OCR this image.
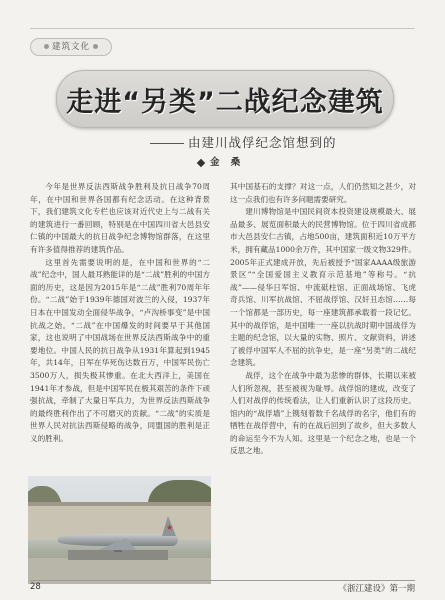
建筑文化
走进“另类”二战纪念建筑
由建川战俘纪念馆想到的
金 桑

今年是世界反法西斯战争胜利及抗日战争70周年，在中国和世界各国都有纪念活动。在这种背景下，我们建筑文化专栏也应该对近代史上与二战有关的建筑进行一番回顾，特别是在中国四川省大邑县安仁镇的中国最大的抗日战争纪念博物馆群落，在这里有许多值得推荐的建筑作品。

这里首先需要说明的是，在中国和世界的“二战”纪念中，国人最耳熟能详的是“二战”胜利的中国方面的历史，这是因为2015年是“二战”胜利70周年年份。“二战”始于1939年德国对波兰的入侵，1937年日本在中国发动全面侵华战争，“卢沟桥事变”是中国抗战之始。“二战”在中国爆发的时间要早于其他国家，这也说明了中国战场在世界反法西斯战争中的重要地位。中国人民的抗日战争从1931年算起到1945年，共14年，日军在华死伤达数百万，中国军民伤亡3500万人，损失极其惨重。在北大西洋上，美国在1941年才参战，但是中国军民在极其艰苦的条件下顽强抗战，牵制了大量日军兵力，为世界反法西斯战争的最终胜利作出了不可磨灭的贡献。“二战”的实质是世界人民对抗法西斯侵略的战争，同盟国的胜利是正义的胜利。

★

其中国基石的支撑？对这一点，人们仍然知之甚少，对这一点我们也有许多问题需要研究。

建川博物馆是中国民间资本投资建设规模最大、展品最多、展览面积最大的民营博物馆。位于四川省成都市大邑县安仁古镇，占地500亩，建筑面积近10万平方米，拥有藏品1000余万件，其中国家一级文物329件。2005年正式建成开放，先后被授予“国家AAAA级旅游景区”“全国爱国主义教育示范基地”等称号。“抗战”——侵华日军馆、中流砥柱馆、正面战场馆、飞虎奇兵馆、川军抗战馆、不屈战俘馆、汉奸丑态馆……每一个馆都是一部历史，每一座建筑都承载着一段记忆。其中的战俘馆，是中国唯一一座以抗战时期中国战俘为主题的纪念馆，以大量的实物、照片、文献资料，讲述了被俘中国军人不屈的抗争史，是一座“另类”的二战纪念建筑。

战俘，这个在战争中最为悲惨的群体，长期以来被人们所忽视，甚至被视为耻辱。战俘馆的建成，改变了人们对战俘的传统看法，让人们重新认识了这段历史。馆内的“战俘墙”上镌刻着数千名战俘的名字，他们有的牺牲在战俘营中，有的在战后回到了故乡，但大多数人的命运至今不为人知。这里是一个纪念之地，也是一个反思之地。

28	《浙江建设》第一期
